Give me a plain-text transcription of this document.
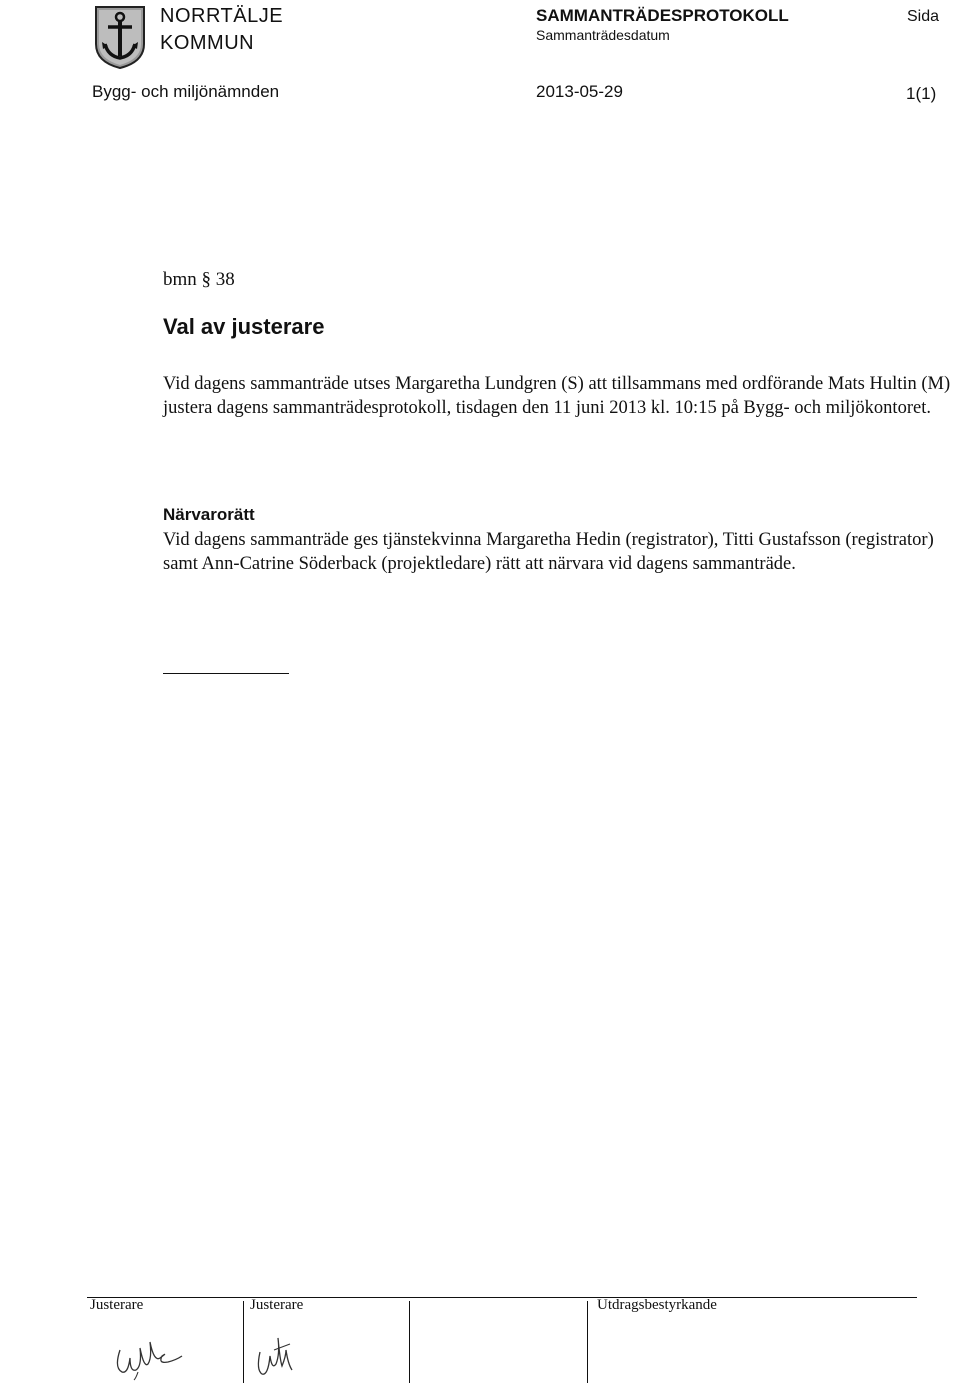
NORRTÄLJE
KOMMUN
SAMMANTRÄDESPROTOKOLL
Sammanträdesdatum
Sida
Bygg- och miljönämnden	2013-05-29	1(1)
bmn § 38
Val av justerare
Vid dagens sammanträde utses Margaretha Lundgren (S) att tillsammans med ordförande Mats Hultin (M) justera dagens sammanträdesprotokoll, tisdagen den 11 juni 2013 kl. 10:15 på Bygg- och miljökontoret.
Närvarorätt
Vid dagens sammanträde ges tjänstekvinna Margaretha Hedin (registrator), Titti Gustafsson (registrator) samt Ann-Catrine Söderback (projektledare) rätt att närvara vid dagens sammanträde.
Justerare	Justerare	Utdragsbestyrkande
